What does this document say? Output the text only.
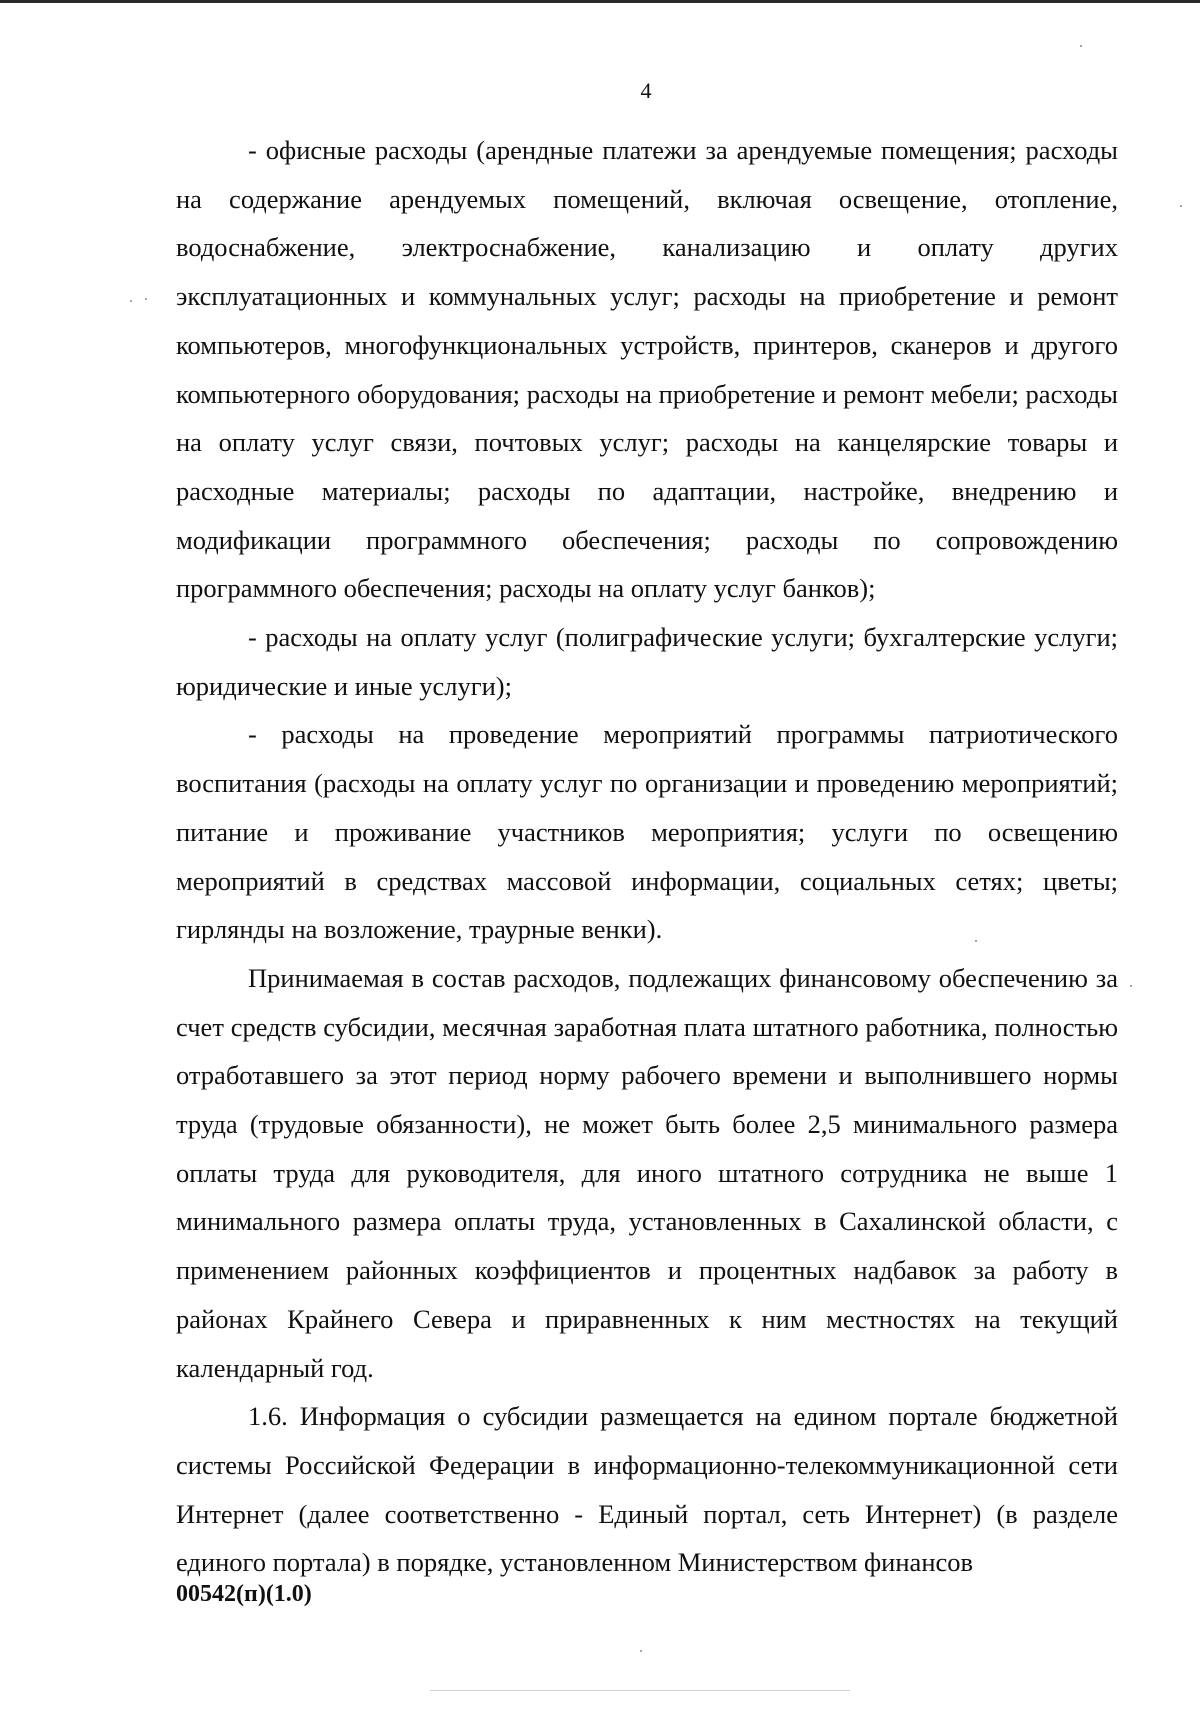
4

- офисные расходы (арендные платежи за арендуемые помещения; расходы на содержание арендуемых помещений, включая освещение, отопление, водоснабжение, электроснабжение, канализацию и оплату других эксплуатационных и коммунальных услуг; расходы на приобретение и ремонт компьютеров, многофункциональных устройств, принтеров, сканеров и другого компьютерного оборудования; расходы на приобретение и ремонт мебели; расходы на оплату услуг связи, почтовых услуг; расходы на канцелярские товары и расходные материалы; расходы по адаптации, настройке, внедрению и модификации программного обеспечения; расходы по сопровождению программного обеспечения; расходы на оплату услуг банков);

- расходы на оплату услуг (полиграфические услуги; бухгалтерские услуги; юридические и иные услуги);

- расходы на проведение мероприятий программы патриотического воспитания (расходы на оплату услуг по организации и проведению мероприятий; питание и проживание участников мероприятия; услуги по освещению мероприятий в средствах массовой информации, социальных сетях; цветы; гирлянды на возложение, траурные венки).

Принимаемая в состав расходов, подлежащих финансовому обеспечению за счет средств субсидии, месячная заработная плата штатного работника, полностью отработавшего за этот период норму рабочего времени и выполнившего нормы труда (трудовые обязанности), не может быть более 2,5 минимального размера оплаты труда для руководителя, для иного штатного сотрудника не выше 1 минимального размера оплаты труда, установленных в Сахалинской области, с применением районных коэффициентов и процентных надбавок за работу в районах Крайнего Севера и приравненных к ним местностях на текущий календарный год.

1.6. Информация о субсидии размещается на едином портале бюджетной системы Российской Федерации в информационно-телекоммуникационной сети Интернет (далее соответственно - Единый портал, сеть Интернет) (в разделе единого портала) в порядке, установленном Министерством финансов

00542(п)(1.0)
